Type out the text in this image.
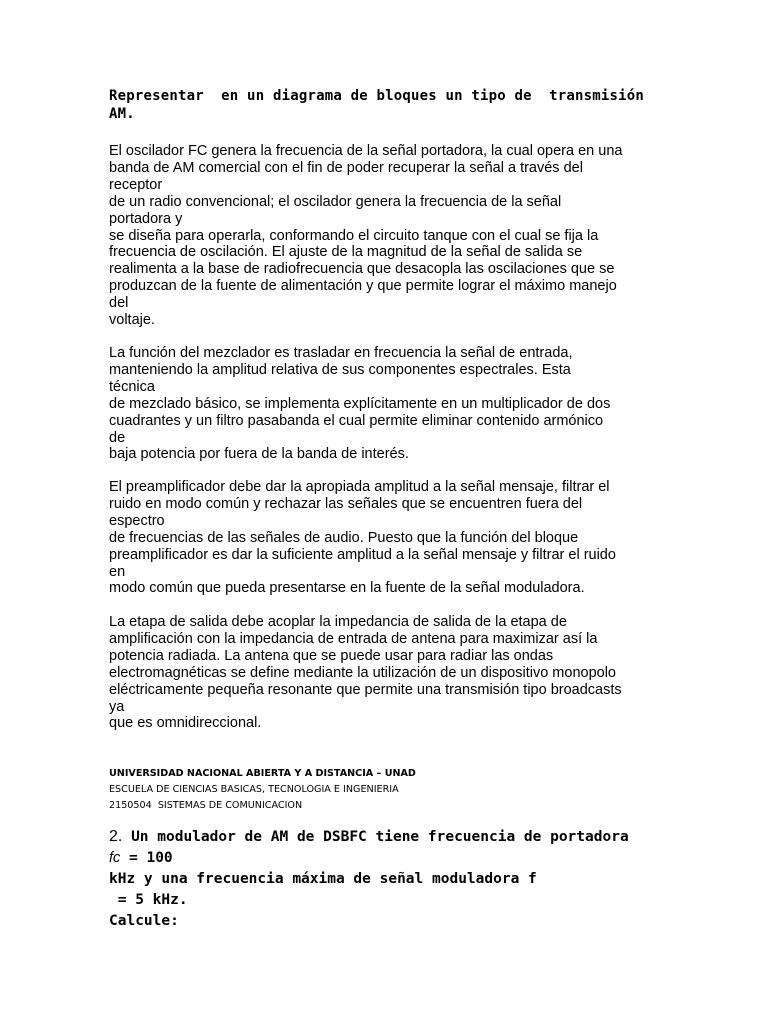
Representar  en un diagrama de bloques un tipo de  transmisión AM.

El oscilador FC genera la frecuencia de la señal portadora, la cual opera en una
banda de AM comercial con el fin de poder recuperar la señal a través del
receptor
de un radio convencional; el oscilador genera la frecuencia de la señal
portadora y
se diseña para operarla, conformando el circuito tanque con el cual se fija la
frecuencia de oscilación. El ajuste de la magnitud de la señal de salida se
realimenta a la base de radiofrecuencia que desacopla las oscilaciones que se
produzcan de la fuente de alimentación y que permite lograr el máximo manejo
del
voltaje.

La función del mezclador es trasladar en frecuencia la señal de entrada,
manteniendo la amplitud relativa de sus componentes espectrales. Esta
técnica
de mezclado básico, se implementa explícitamente en un multiplicador de dos
cuadrantes y un filtro pasabanda el cual permite eliminar contenido armónico
de
baja potencia por fuera de la banda de interés.

El preamplificador debe dar la apropiada amplitud a la señal mensaje, filtrar el
ruido en modo común y rechazar las señales que se encuentren fuera del
espectro
de frecuencias de las señales de audio. Puesto que la función del bloque
preamplificador es dar la suficiente amplitud a la señal mensaje y filtrar el ruido
en
modo común que pueda presentarse en la fuente de la señal moduladora.

La etapa de salida debe acoplar la impedancia de salida de la etapa de
amplificación con la impedancia de entrada de antena para maximizar así la
potencia radiada. La antena que se puede usar para radiar las ondas
electromagnéticas se define mediante la utilización de un dispositivo monopolo
eléctricamente pequeña resonante que permite una transmisión tipo broadcasts
ya
que es omnidireccional.

UNIVERSIDAD NACIONAL ABIERTA Y A DISTANCIA – UNAD
ESCUELA DE CIENCIAS BASICAS, TECNOLOGIA E INGENIERIA
2150504  SISTEMAS DE COMUNICACION
2. Un modulador de AM de DSBFC tiene frecuencia de portadora
fc = 100
kHz y una frecuencia máxima de señal moduladora f
= 5 kHz.
Calcule:
